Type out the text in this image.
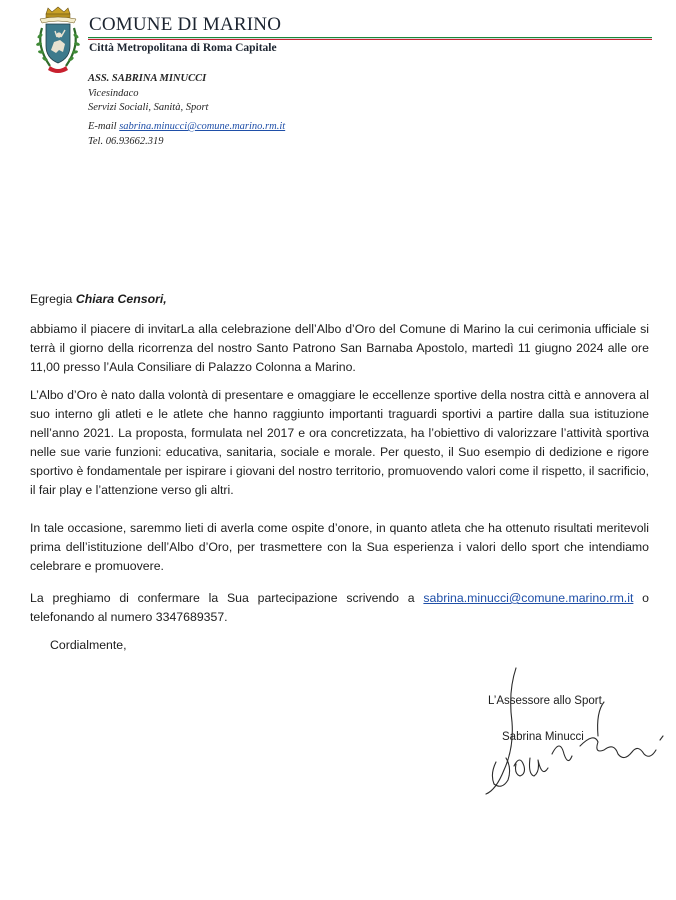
COMUNE DI MARINO
Città Metropolitana di Roma Capitale
ASS. SABRINA MINUCCI
Vicesindaco
Servizi Sociali, Sanità, Sport
E-mail sabrina.minucci@comune.marino.rm.it
Tel. 06.93662.319
Egregia Chiara Censori,
abbiamo il piacere di invitarLa alla celebrazione dell’Albo d’Oro del Comune di Marino la cui cerimonia ufficiale si terrà il giorno della ricorrenza del nostro Santo Patrono San Barnaba Apostolo, martedì 11 giugno 2024 alle ore 11,00 presso l’Aula Consiliare di Palazzo Colonna a Marino.
L’Albo d’Oro è nato dalla volontà di presentare e omaggiare le eccellenze sportive della nostra città e annovera al suo interno gli atleti e le atlete che hanno raggiunto importanti traguardi sportivi a partire dalla sua istituzione nell’anno 2021. La proposta, formulata nel 2017 e ora concretizzata, ha l’obiettivo di valorizzare l’attività sportiva nelle sue varie funzioni: educativa, sanitaria, sociale e morale. Per questo, il Suo esempio di dedizione e rigore sportivo è fondamentale per ispirare i giovani del nostro territorio, promuovendo valori come il rispetto, il sacrificio, il fair play e l’attenzione verso gli altri.
In tale occasione, saremmo lieti di averla come ospite d’onore, in quanto atleta che ha ottenuto risultati meritevoli prima dell’istituzione dell’Albo d’Oro, per trasmettere con la Sua esperienza i valori dello sport che intendiamo celebrare e promuovere.
La preghiamo di confermare la Sua partecipazione scrivendo a sabrina.minucci@comune.marino.rm.it o telefonando al numero 3347689357.
Cordialmente,
L’Assessore allo Sport
Sabrina Minucci
